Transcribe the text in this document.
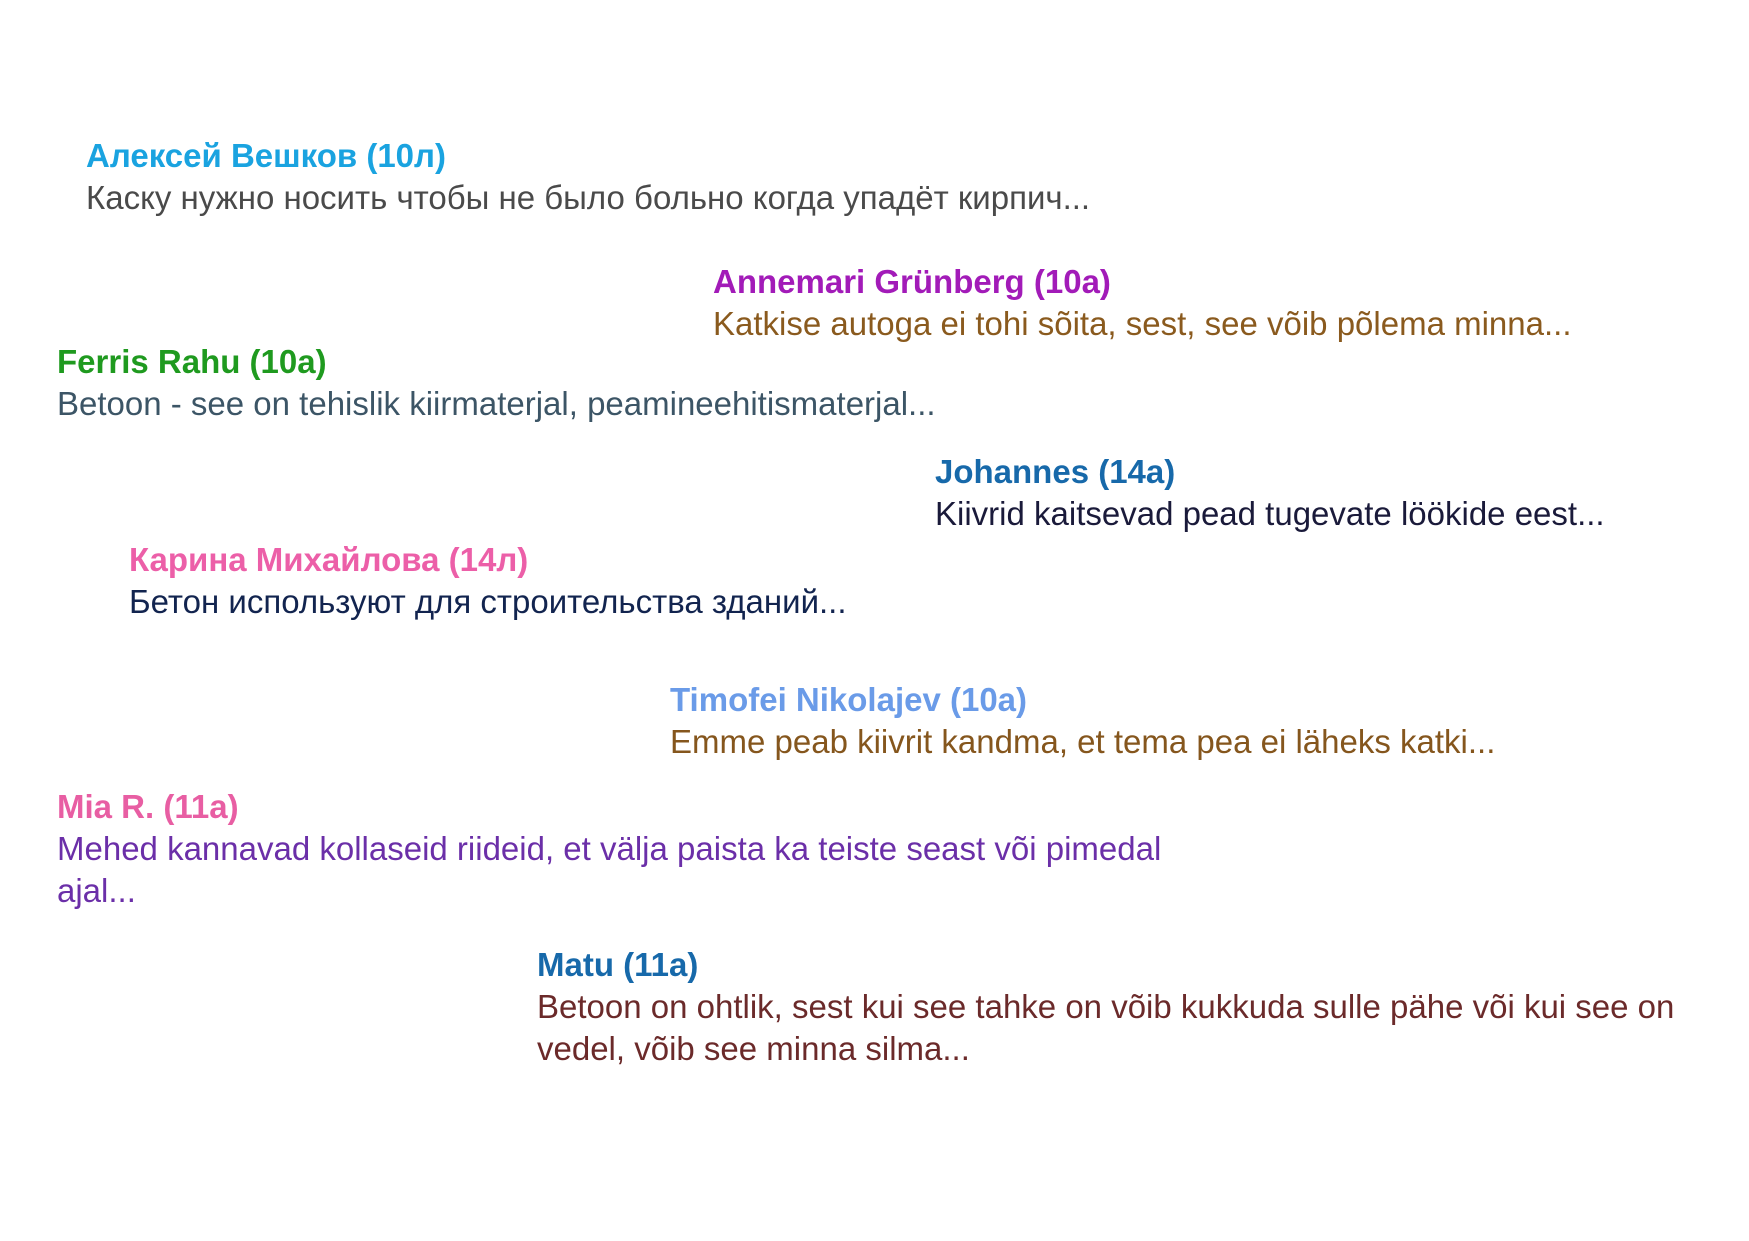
Алексей Вешков (10л)
Каску нужно носить чтобы не было больно когда упадёт кирпич...
Annemari Grünberg (10a)
Katkise autoga ei tohi sõita, sest, see võib põlema minna...
Ferris Rahu (10a)
Betoon - see on tehislik kiirmaterjal, peamineehitismaterjal...
Johannes (14a)
Kiivrid kaitsevad pead tugevate löökide eest...
Карина Михайлова (14л)
Бетон используют для строительства зданий...
Timofei Nikolajev (10a)
Emme peab kiivrit kandma, et tema pea ei läheks katki...
Mia R. (11a)
Mehed kannavad kollaseid riideid, et välja paista ka teiste seast või pimedal ajal...
Matu (11a)
Betoon on ohtlik, sest kui see tahke on võib kukkuda sulle pähe või kui see on vedel, võib see minna silma...
